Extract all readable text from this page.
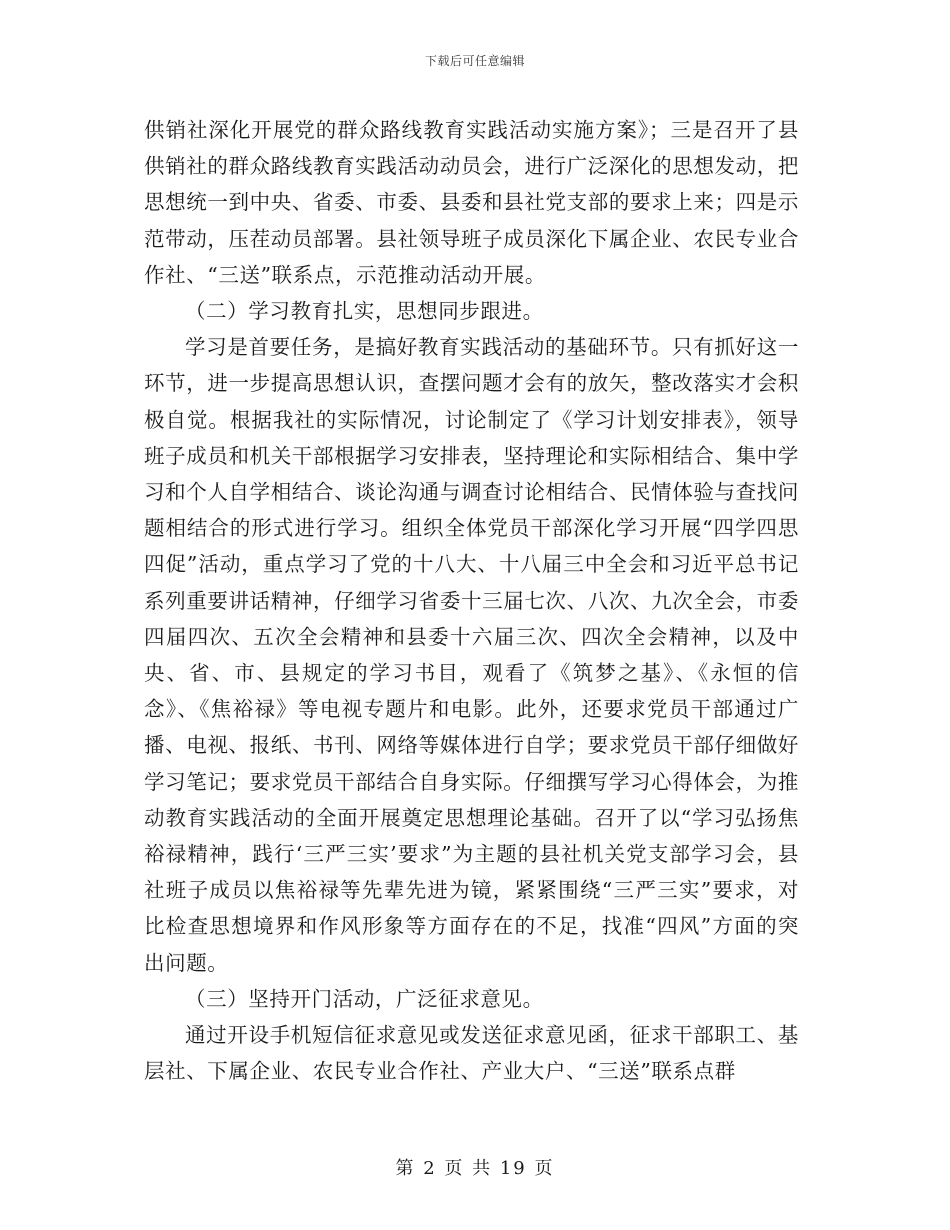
下载后可任意编辑

供销社深化开展党的群众路线教育实践活动实施方案》；三是召开了县供销社的群众路线教育实践活动动员会，进行广泛深化的思想发动，把思想统一到中央、省委、市委、县委和县社党支部的要求上来；四是示范带动，压茬动员部署。县社领导班子成员深化下属企业、农民专业合作社、“三送”联系点，示范推动活动开展。

（二）学习教育扎实，思想同步跟进。

学习是首要任务，是搞好教育实践活动的基础环节。只有抓好这一环节，进一步提高思想认识，查摆问题才会有的放矢，整改落实才会积极自觉。根据我社的实际情况，讨论制定了《学习计划安排表》，领导班子成员和机关干部根据学习安排表，坚持理论和实际相结合、集中学习和个人自学相结合、谈论沟通与调查讨论相结合、民情体验与查找问题相结合的形式进行学习。组织全体党员干部深化学习开展“四学四思四促”活动，重点学习了党的十八大、十八届三中全会和习近平总书记系列重要讲话精神，仔细学习省委十三届七次、八次、九次全会，市委四届四次、五次全会精神和县委十六届三次、四次全会精神，以及中央、省、市、县规定的学习书目，观看了《筑梦之基》、《永恒的信念》、《焦裕禄》等电视专题片和电影。此外，还要求党员干部通过广播、电视、报纸、书刊、网络等媒体进行自学；要求党员干部仔细做好学习笔记；要求党员干部结合自身实际。仔细撰写学习心得体会，为推动教育实践活动的全面开展奠定思想理论基础。召开了以“学习弘扬焦裕禄精神，践行‘三严三实’要求”为主题的县社机关党支部学习会，县社班子成员以焦裕禄等先辈先进为镜，紧紧围绕“三严三实”要求，对比检查思想境界和作风形象等方面存在的不足，找准“四风”方面的突出问题。

（三）坚持开门活动，广泛征求意见。

通过开设手机短信征求意见或发送征求意见函，征求干部职工、基层社、下属企业、农民专业合作社、产业大户、“三送”联系点群

第 2 页 共 19 页
